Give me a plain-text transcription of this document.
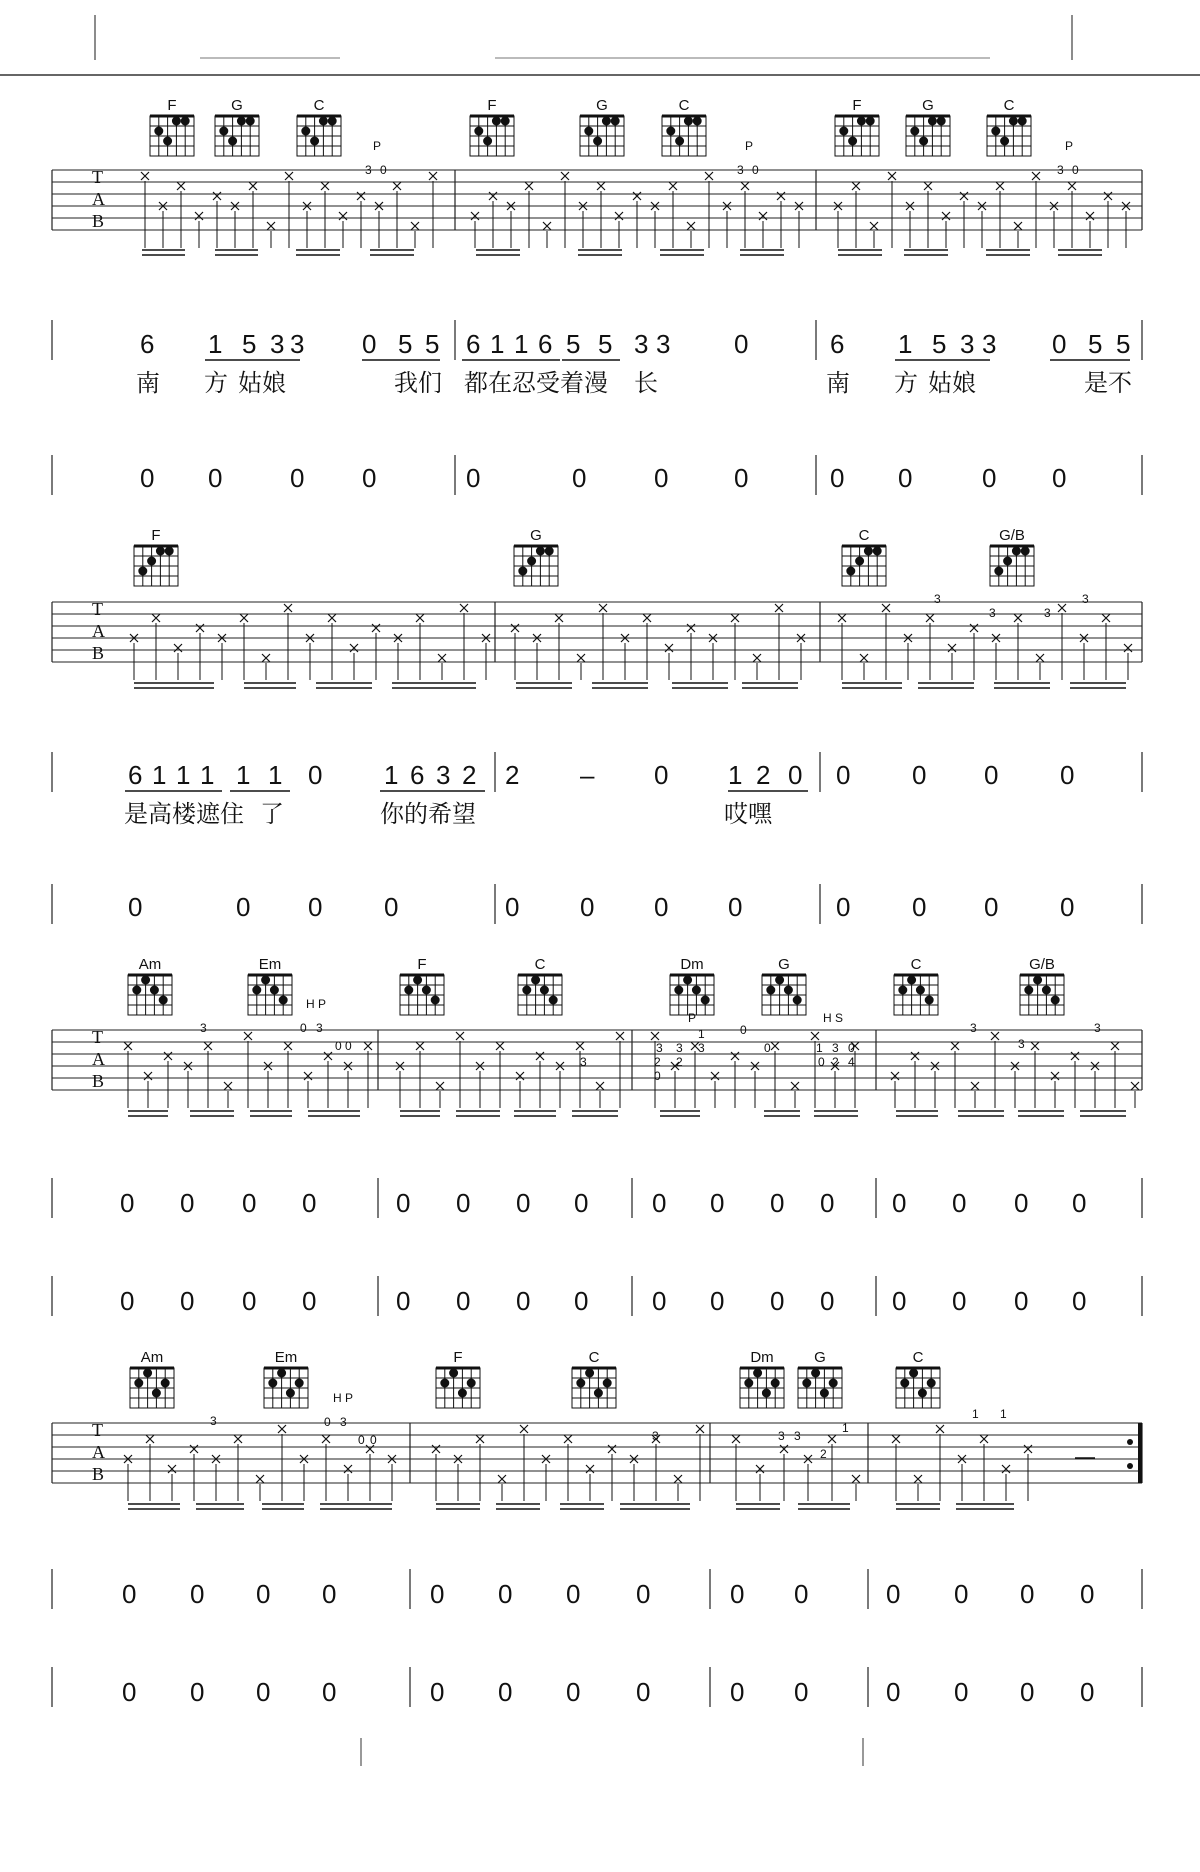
F	G	C	F	G	C	F	G	C
T
A
B
P	P	P
3 0	3 0	3 0
6 1 5 3 3 0 5 5 6 1 1 6 5 5 3 3 0	6 1 5 3 3 0 5 5
南 方 姑娘	我们 都在忍受着漫 长	南 方 姑娘	是不
0 0	0 0	0	0	0	0	0 0	0 0
F	G	C	G/B
T
A
B
3
3	3
3
6 1 1 1 1 1 0 1 6 3 2 2 – 0 1 2 0 0 0 0 0
是高楼遮住 了	你的希望	哎嘿
0	0 0 0	0 0 0 0	0 0 0 0
Am	Em	F	C	Dm	G	C	G/B
T
A
B
H P
H S
P
3	0 3
0 0
3
3 3 3
2 2
0
1	0
0	1 3 0
0 2 4
3
3
3
0 0 0 0	0 0 0 0 0 0 0 0 0 0 0 0
0 0 0 0	0 0 0 0 0 0 0 0 0 0 0 0
Am	Em	F	C	Dm	G	C
T
A
B
H P
3	0 3
0 0	3	3 3
2
1
1 1
0 0 0 0	0 0 0 0	0 0	0 0 0 0
0 0 0 0	0 0 0 0	0 0	0 0 0 0
